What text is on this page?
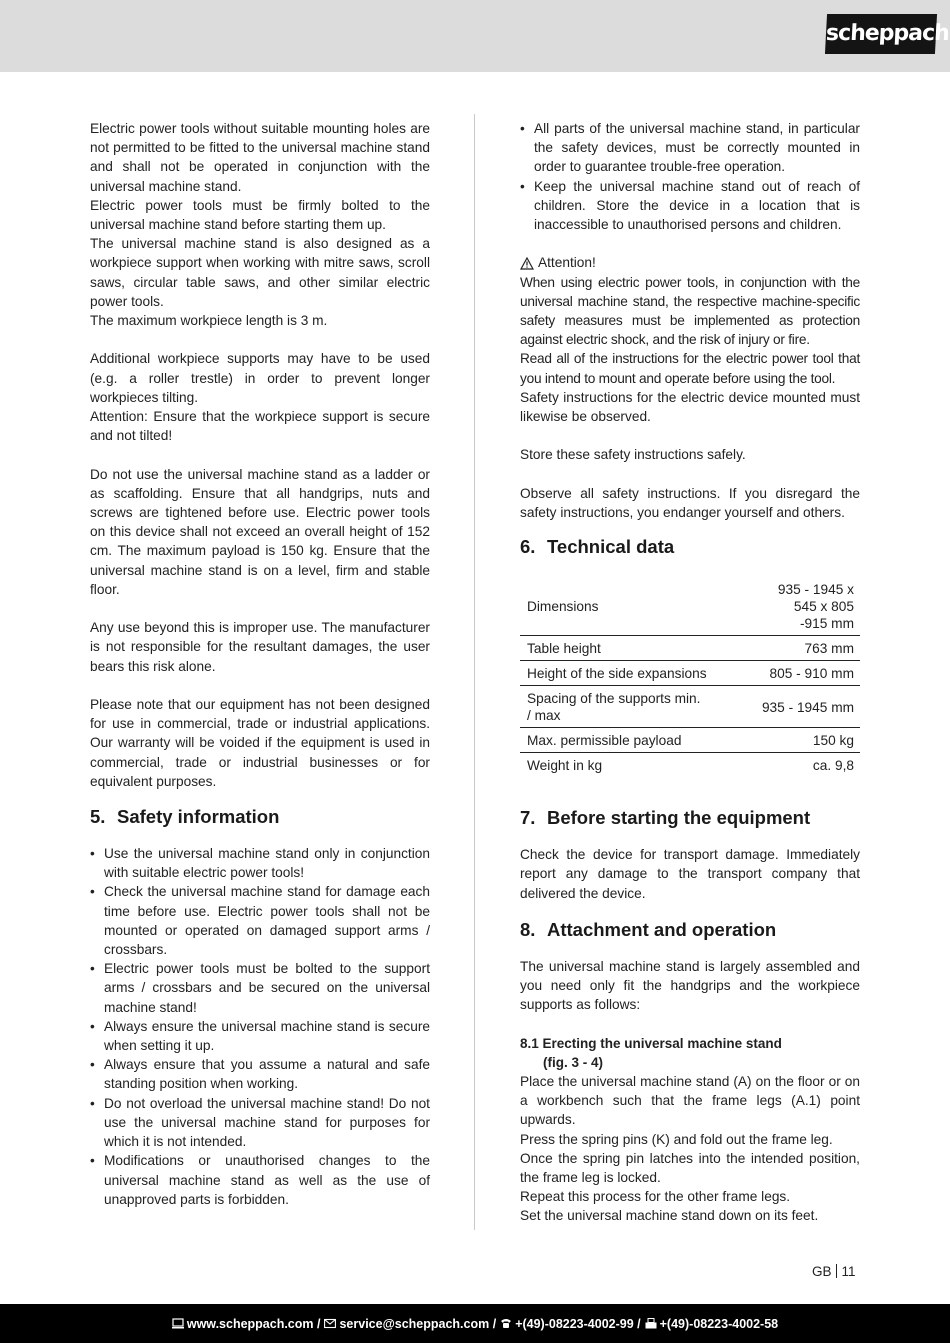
scheppach

Electric power tools without suitable mounting holes are not permitted to be fitted to the universal machine stand and shall not be operated in conjunction with the universal machine stand.

Electric power tools must be firmly bolted to the universal machine stand before starting them up.

The universal machine stand is also designed as a workpiece support when working with mitre saws, scroll saws, circular table saws, and other similar electric power tools.

The maximum workpiece length is 3 m.

Additional workpiece supports may have to be used (e.g. a roller trestle) in order to prevent longer workpieces tilting.

Attention: Ensure that the workpiece support is secure and not tilted!

Do not use the universal machine stand as a ladder or as scaffolding. Ensure that all handgrips, nuts and screws are tightened before use. Electric power tools on this device shall not exceed an overall height of 152 cm. The maximum payload is 150 kg. Ensure that the universal machine stand is on a level, firm and stable floor.

Any use beyond this is improper use. The manufacturer is not responsible for the resultant damages, the user bears this risk alone.

Please note that our equipment has not been designed for use in commercial, trade or industrial applications. Our warranty will be voided if the equipment is used in commercial, trade or industrial businesses or for equivalent purposes.

5. Safety information
• Use the universal machine stand only in conjunction with suitable electric power tools!
• Check the universal machine stand for damage each time before use. Electric power tools shall not be mounted or operated on damaged support arms / crossbars.
• Electric power tools must be bolted to the support arms / crossbars and be secured on the universal machine stand!
• Always ensure the universal machine stand is secure when setting it up.
• Always ensure that you assume a natural and safe standing position when working.
• Do not overload the universal machine stand! Do not use the universal machine stand for purposes for which it is not intended.
• Modifications or unauthorised changes to the universal machine stand as well as the use of unapproved parts is forbidden.
• All parts of the universal machine stand, in particular the safety devices, must be correctly mounted in order to guarantee trouble-free operation.
• Keep the universal machine stand out of reach of children. Store the device in a location that is inaccessible to unauthorised persons and children.
Attention!

When using electric power tools, in conjunction with the universal machine stand, the respective machine-specific safety measures must be implemented as protection against electric shock, and the risk of injury or fire.

Read all of the instructions for the electric power tool that you intend to mount and operate before using the tool.

Safety instructions for the electric device mounted must likewise be observed.

Store these safety instructions safely.

Observe all safety instructions. If you disregard the safety instructions, you endanger yourself and others.

6. Technical data
Dimensions	935 - 1945 x 545 x 805 -915 mm
Table height	763 mm
Height of the side expansions	805 - 910 mm
Spacing of the supports min. / max	935 - 1945 mm
Max. permissible payload	150 kg
Weight in kg	ca. 9,8
7. Before starting the equipment

Check the device for transport damage. Immediately report any damage to the transport company that delivered the device.

8. Attachment and operation

The universal machine stand is largely assembled and you need only fit the handgrips and the workpiece supports as follows:

8.1 Erecting the universal machine stand
(fig. 3 - 4)

Place the universal machine stand (A) on the floor or on a workbench such that the frame legs (A.1) point upwards.

Press the spring pins (K) and fold out the frame leg.

Once the spring pin latches into the intended position, the frame leg is locked.

Repeat this process for the other frame legs.

Set the universal machine stand down on its feet.

GB 11
www.scheppach.com / service@scheppach.com / +(49)-08223-4002-99 / +(49)-08223-4002-58
